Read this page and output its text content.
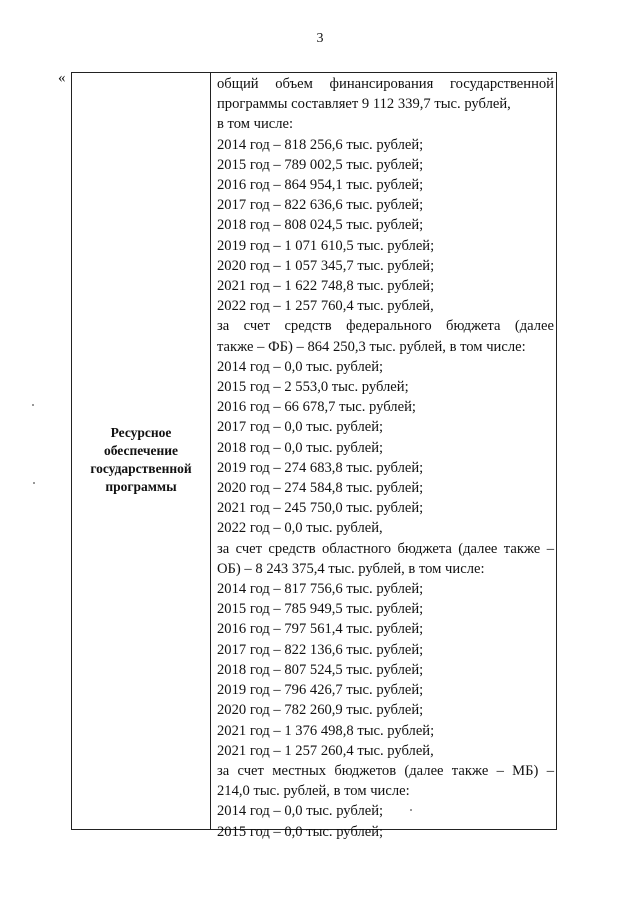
3
«
Ресурсное
обеспечение
государственной
программы
общий объем финансирования государственной
программы составляет 9 112 339,7 тыс. рублей,
в том числе:
2014 год – 818 256,6 тыс. рублей;
2015 год – 789 002,5 тыс. рублей;
2016 год – 864 954,1 тыс. рублей;
2017 год – 822 636,6 тыс. рублей;
2018 год – 808 024,5 тыс. рублей;
2019 год – 1 071 610,5 тыс. рублей;
2020 год – 1 057 345,7 тыс. рублей;
2021 год – 1 622 748,8 тыс. рублей;
2022 год – 1 257 760,4 тыс. рублей,
за счет средств федерального бюджета (далее
также – ФБ) – 864 250,3 тыс. рублей, в том числе:
2014 год – 0,0 тыс. рублей;
2015 год – 2 553,0 тыс. рублей;
2016 год – 66 678,7 тыс. рублей;
2017 год – 0,0 тыс. рублей;
2018 год – 0,0 тыс. рублей;
2019 год – 274 683,8 тыс. рублей;
2020 год – 274 584,8 тыс. рублей;
2021 год – 245 750,0 тыс. рублей;
2022 год – 0,0 тыс. рублей,
за счет средств областного бюджета (далее также –
ОБ) – 8 243 375,4 тыс. рублей, в том числе:
2014 год – 817 756,6 тыс. рублей;
2015 год – 785 949,5 тыс. рублей;
2016 год – 797 561,4 тыс. рублей;
2017 год – 822 136,6 тыс. рублей;
2018 год – 807 524,5 тыс. рублей;
2019 год – 796 426,7 тыс. рублей;
2020 год – 782 260,9 тыс. рублей;
2021 год – 1 376 498,8 тыс. рублей;
2021 год – 1 257 260,4 тыс. рублей,
за счет местных бюджетов (далее также – МБ) –
214,0 тыс. рублей, в том числе:
2014 год – 0,0 тыс. рублей;
2015 год – 0,0 тыс. рублей;
